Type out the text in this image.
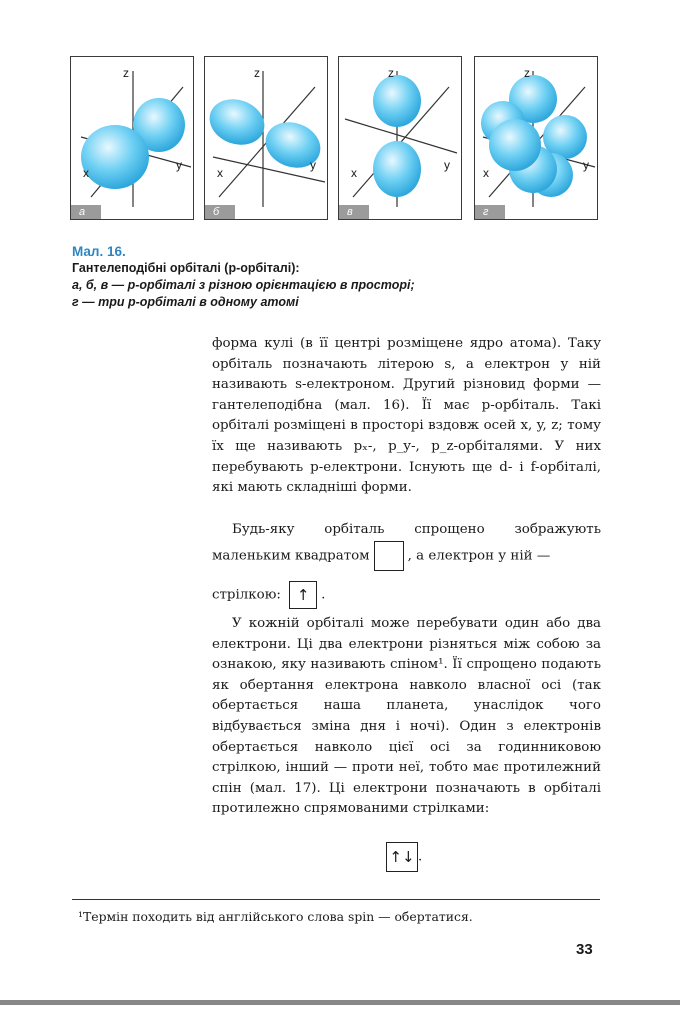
z
x
y
а
z
x
y
б
z
x
y
в
z
x
y
г
Мал. 16.
Гантелеподібні орбіталі (p-орбіталі):
а, б, в — p-орбіталі з різною орієнтацією в просторі;
г — три p-орбіталі в одному атомі

форма кулі (в її центрі розміщене ядро атома). Таку орбіталь позначають літерою s, а електрон у ній називають s-електроном. Другий різновид форми — гантелеподібна (мал. 16). Її має p-орбіталь. Такі орбіталі розміщені в просторі вздовж осей x, y, z; тому їх ще називають pₓ-, p_y-, p_z-орбіталями. У них перебувають p-електрони. Існують ще d- і f-орбіталі, які мають складніші форми.

Будь-яку орбіталь спрощено зображують маленьким квадратом	, а електрон у ній —

стрілкою: ↑ .

У кожній орбіталі може перебувати один або два електрони. Ці два електрони різняться між собою за ознакою, яку називають спіном¹. Її спрощено подають як обертання електрона навколо власної осі (так обертається наша планета, унаслідок чого відбувається зміна дня і ночі). Один з електронів обертається навколо цієї осі за годинниковою стрілкою, інший — проти неї, тобто має протилежний спін (мал. 17). Ці електрони позначають в орбіталі протилежно спрямованими стрілками:

↑↓ .
¹Термін походить від англійського слова spin — обертатися.
33
